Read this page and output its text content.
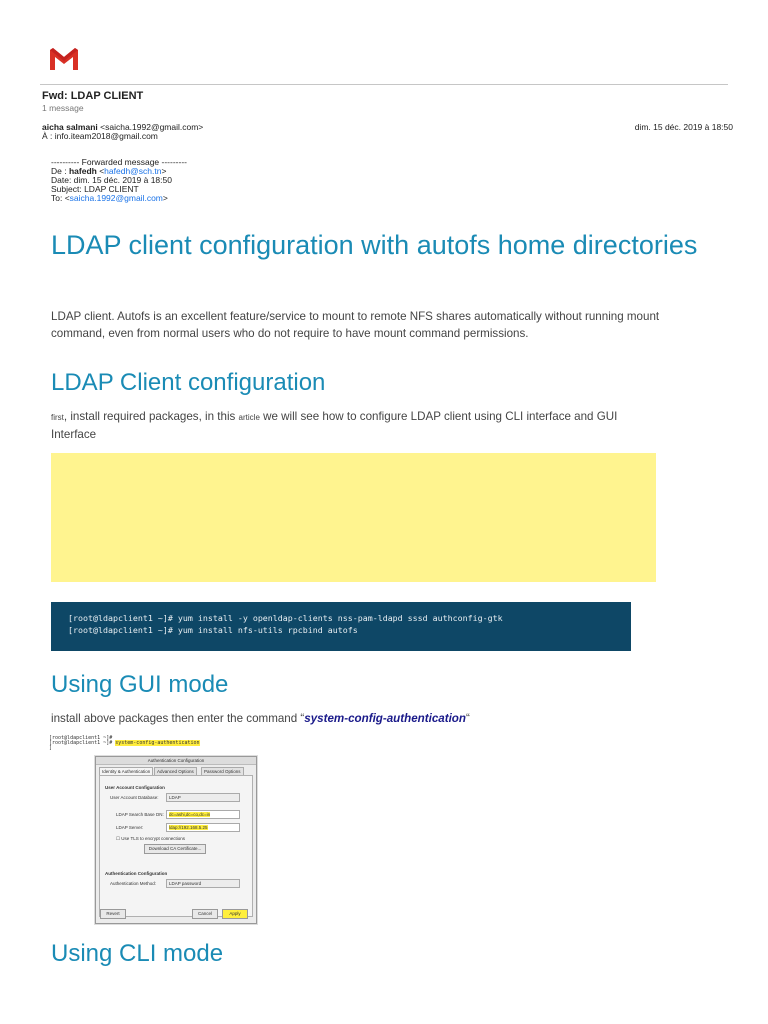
Fwd: LDAP CLIENT
1 message
aicha salmani <saicha.1992@gmail.com>	dim. 15 déc. 2019 à 18:50
À : info.iteam2018@gmail.com
---------- Forwarded message ---------
De : hafedh <hafedh@sch.tn>
Date: dim. 15 déc. 2019 à 18:50
Subject: LDAP CLIENT
To: <saicha.1992@gmail.com>
LDAP client configuration with autofs home directories
LDAP client. Autofs is an excellent feature/service to mount to remote NFS shares automatically without running mount command, even from normal users who do not require to have mount command permissions.
LDAP Client configuration
first, install required packages, in this article we will see how to configure LDAP client using CLI interface and GUI Interface
[root@ldapclient1 ~]# yum install -y openldap-clients nss-pam-ldapd sssd authconfig-gtk
[root@ldapclient1 ~]# yum install nfs-utils rpcbind autofs
Using GUI mode
install above packages then enter the command “system-config-authentication“
[root@ldapclient1 ~]#
[root@ldapclient1 ~]# system-config-authentication
]
Authentication Configuration
Identity & Authentication	Advanced Options	Password Options
User Account Configuration
User Account Database:	LDAP
LDAP Search Base DN:	dc=ashi,dc=co,dc=in
LDAP Server:	ldap://192.168.5.25
☐ Use TLS to encrypt connections
Download CA Certificate...
Authentication Configuration
Authentication Method:	LDAP password
Revert	Cancel	Apply
Using CLI mode
